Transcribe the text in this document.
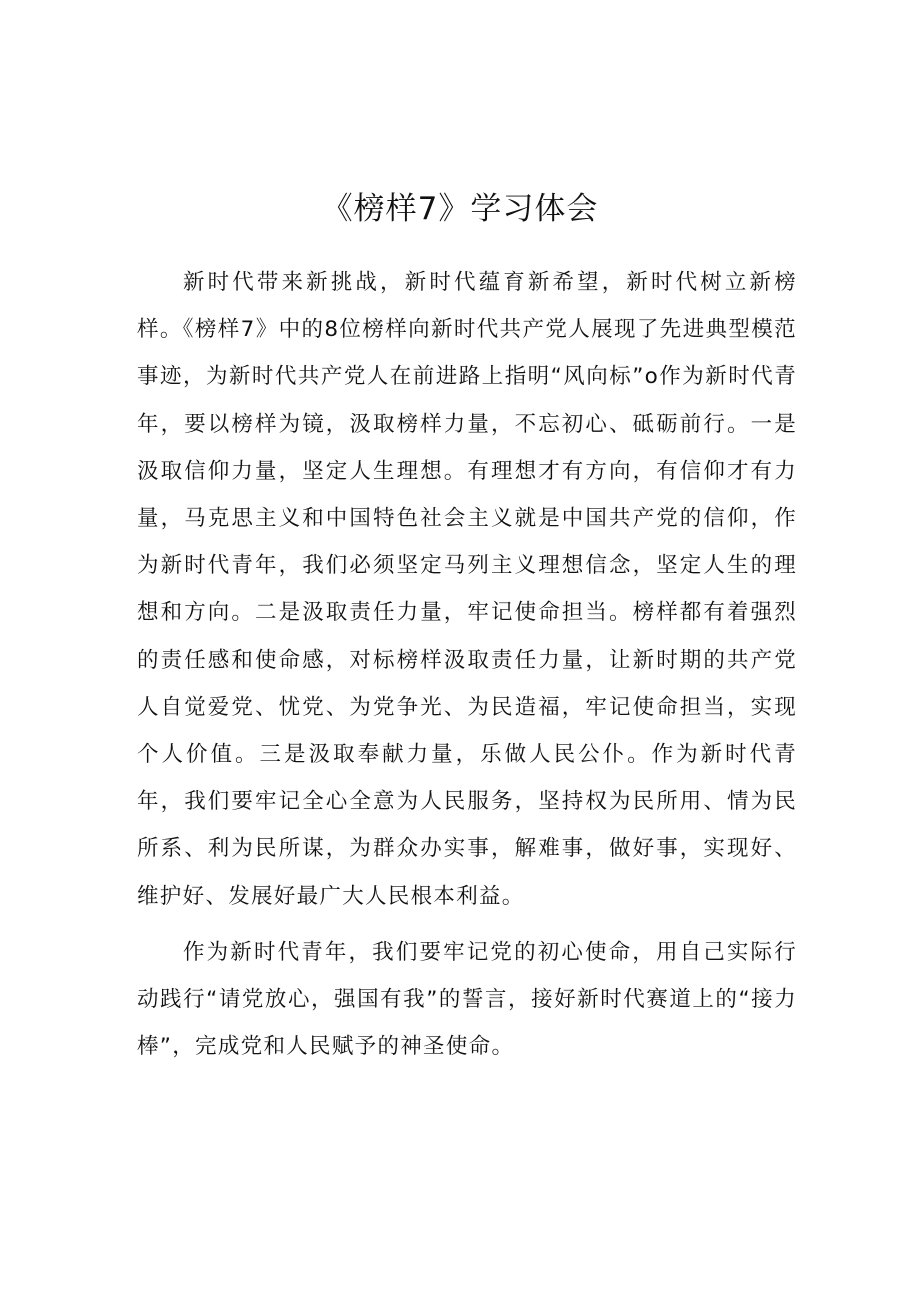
《榜样7》学习体会

新时代带来新挑战，新时代蕴育新希望，新时代树立新榜样。《榜样7》中的8位榜样向新时代共产党人展现了先进典型模范事迹，为新时代共产党人在前进路上指明“风向标”o作为新时代青年，要以榜样为镜，汲取榜样力量，不忘初心、砥砺前行。一是汲取信仰力量，坚定人生理想。有理想才有方向，有信仰才有力量，马克思主义和中国特色社会主义就是中国共产党的信仰，作为新时代青年，我们必须坚定马列主义理想信念，坚定人生的理想和方向。二是汲取责任力量，牢记使命担当。榜样都有着强烈的责任感和使命感，对标榜样汲取责任力量，让新时期的共产党人自觉爱党、忧党、为党争光、为民造福，牢记使命担当，实现个人价值。三是汲取奉献力量，乐做人民公仆。作为新时代青年，我们要牢记全心全意为人民服务，坚持权为民所用、情为民所系、利为民所谋，为群众办实事，解难事，做好事，实现好、维护好、发展好最广大人民根本利益。

作为新时代青年，我们要牢记党的初心使命，用自己实际行动践行“请党放心，强国有我”的誓言，接好新时代赛道上的“接力棒”，完成党和人民赋予的神圣使命。
